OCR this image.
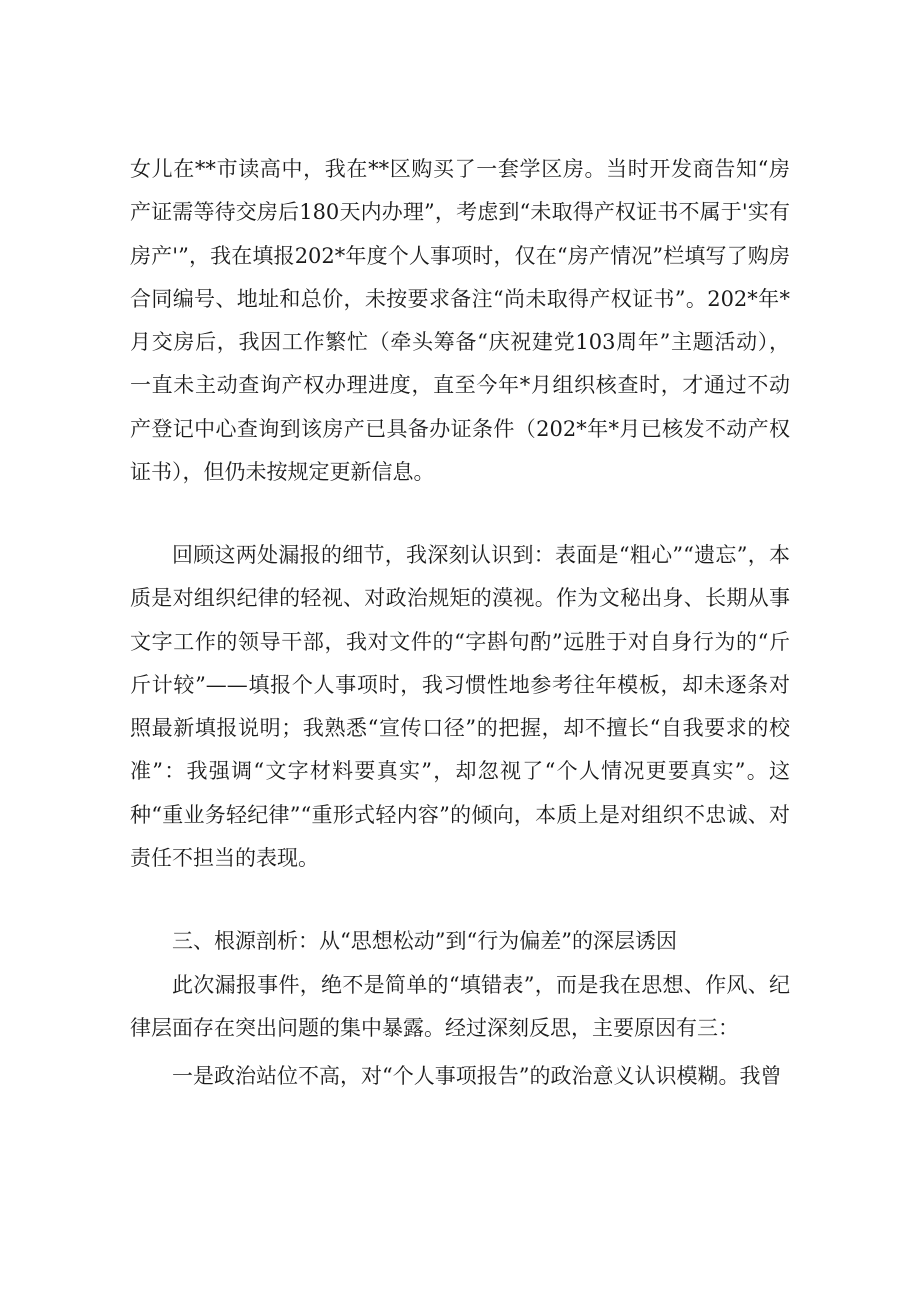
女儿在**市读高中，我在**区购买了一套学区房。当时开发商告知“房产证需等待交房后180天内办理”，考虑到“未取得产权证书不属于'实有房产'”，我在填报202*年度个人事项时，仅在“房产情况”栏填写了购房合同编号、地址和总价，未按要求备注“尚未取得产权证书”。202*年*月交房后，我因工作繁忙（牵头筹备“庆祝建党103周年”主题活动），一直未主动查询产权办理进度，直至今年*月组织核查时，才通过不动产登记中心查询到该房产已具备办证条件（202*年*月已核发不动产权证书），但仍未按规定更新信息。

回顾这两处漏报的细节，我深刻认识到：表面是“粗心”“遗忘”，本质是对组织纪律的轻视、对政治规矩的漠视。作为文秘出身、长期从事文字工作的领导干部，我对文件的“字斟句酌”远胜于对自身行为的“斤斤计较”——填报个人事项时，我习惯性地参考往年模板，却未逐条对照最新填报说明；我熟悉“宣传口径”的把握，却不擅长“自我要求的校准”：我强调“文字材料要真实”，却忽视了“个人情况更要真实”。这种“重业务轻纪律”“重形式轻内容”的倾向，本质上是对组织不忠诚、对责任不担当的表现。

三、根源剖析：从“思想松动”到“行为偏差”的深层诱因

此次漏报事件，绝不是简单的“填错表”，而是我在思想、作风、纪律层面存在突出问题的集中暴露。经过深刻反思，主要原因有三：

一是政治站位不高，对“个人事项报告”的政治意义认识模糊。我曾
